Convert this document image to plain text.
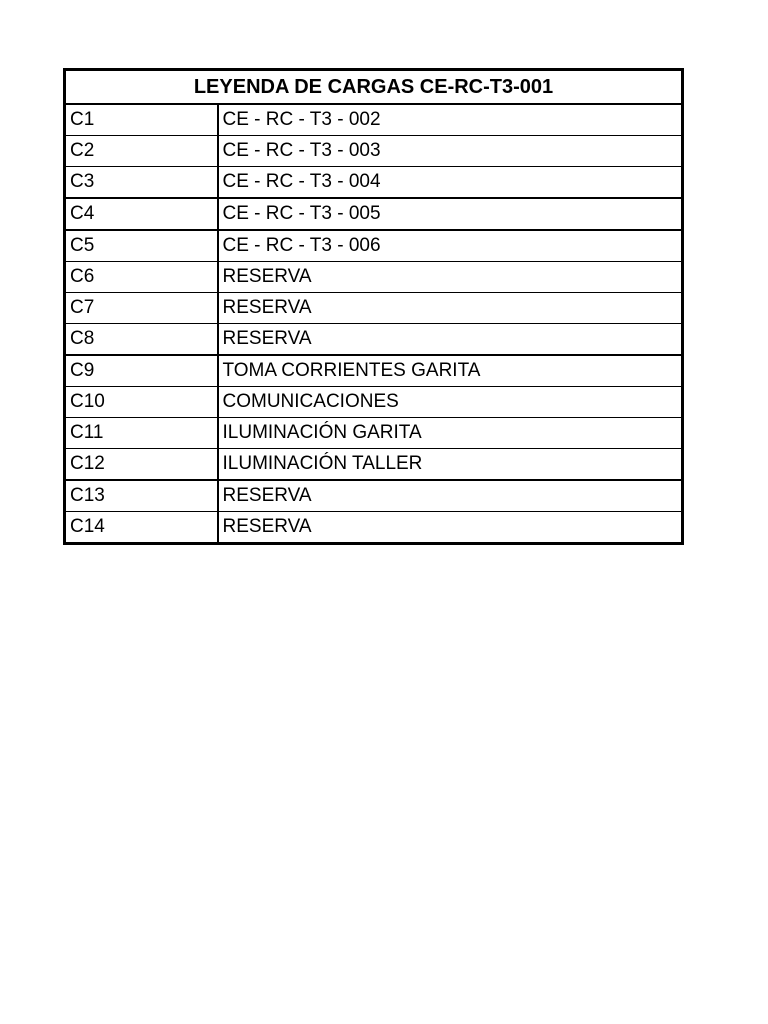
LEYENDA DE CARGAS CE-RC-T3-001	
C1	CE - RC - T3 - 002
C2	CE - RC - T3 - 003
C3	CE - RC - T3 - 004
C4	CE - RC - T3 - 005
C5	CE - RC - T3 - 006
C6	RESERVA
C7	RESERVA
C8	RESERVA
C9	TOMA CORRIENTES GARITA
C10	COMUNICACIONES
C11	ILUMINACIÓN GARITA
C12	ILUMINACIÓN TALLER
C13	RESERVA
C14	RESERVA
